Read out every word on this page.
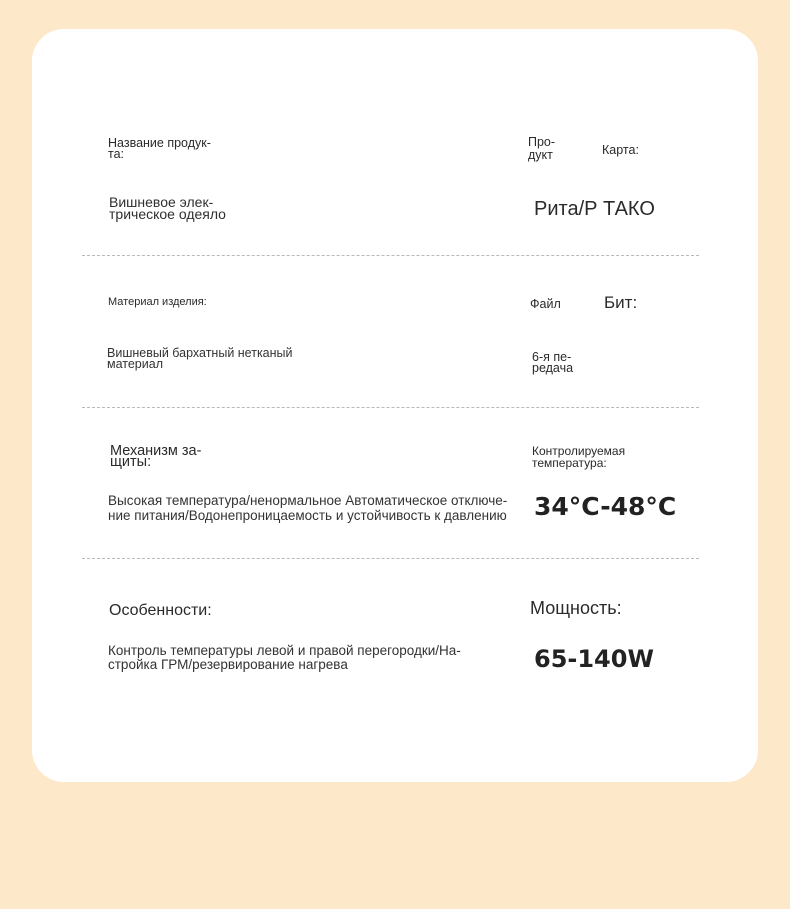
Название продук-
та:
Вишневое элек-
трическое одеяло
Про-
дукт	Карта:
Рита/Р ТАКО
Материал изделия:
Вишневый бархатный нетканый
материал
Файл	Бит:
6-я пе-
редача
Механизм за-
щиты:
Высокая температура/ненормальное Автоматическое отключе-
ние питания/Водонепроницаемость и устойчивость к давлению
Контролируемая
температура:
34°C-48°C
Особенности:
Контроль температуры левой и правой перегородки/На-
стройка ГРМ/резервирование нагрева
Мощность:
65-140W
